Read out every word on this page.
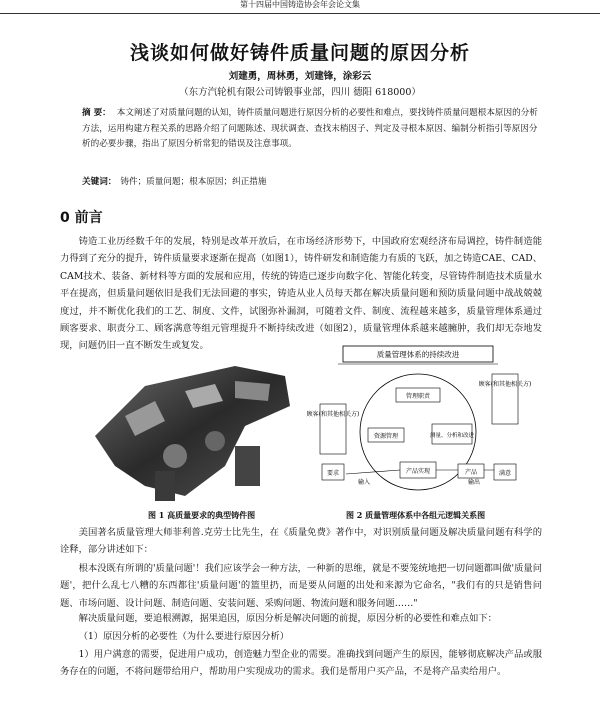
第十四届中国铸造协会年会论文集
浅谈如何做好铸件质量问题的原因分析
刘建勇，周林勇，刘建锋，涂彩云
（东方汽轮机有限公司铸锻事业部，四川 德阳 618000）
摘 要： 本文阐述了对质量问题的认知，铸件质量问题进行原因分析的必要性和难点，要找铸件质量问题根本原因的分析方法，运用构建方程关系的思路介绍了问题陈述、现状调查、查找末梢因子、判定及寻根本原因、编制分析指引等原因分析的必要步骤，指出了原因分析常犯的错误及注意事项。
关键词： 铸件；质量问题；根本原因；纠正措施
0 前言
铸造工业历经数千年的发展，特别是改革开放后，在市场经济形势下，中国政府宏观经济布局调控，铸件制造能力得到了充分的提升，铸件质量要求逐渐在提高（如图1），铸件研发和制造能力有质的飞跃，加之铸造CAE、CAD、CAM技术、装备、新材料等方面的发展和应用，传统的铸造已逐步向数字化、智能化转变，尽管铸件制造技术质量水平在提高，但质量问题依旧是我们无法回避的事实，铸造从业人员每天都在解决质量问题和预防质量问题中战战兢兢度过，并不断优化我们的工艺、制度、文件，试图弥补漏洞，可随着文件、制度、流程越来越多，质量管理体系通过顾客要求、职责分工、顾客满意等组元管理提升不断持续改进（如图2），质量管理体系越来越臃肿，我们却无奈地发现，问题仍旧一直不断发生或复发。
质量管理体系的持续改进
顾客(和其他相关方)
要求
顾客(和其他相关方)
满意
管理职责
资源管理	测量、分析和改进
产品实现
输入	输出
产品
图 1 高质量要求的典型铸件图	图 2 质量管理体系中各组元逻辑关系图
美国著名质量管理大师菲利普.克劳士比先生，在《质量免费》著作中，对识别质量问题及解决质量问题有科学的诠释，部分讲述如下：
根本没既有所谓的'质量问题'！我们应该学会一种方法，一种新的思维，就是不要笼统地把一切问题都叫做'质量问题'，把什么乱七八糟的东西都往'质量问题'的篮里扔，而是要从问题的出处和来源为它命名，"我们有的只是销售问题、市场问题、设计问题、制造问题、安装问题、采购问题、物流问题和服务问题……"
解决质量问题，要追根溯源，据果追因，原因分析是解决问题的前提，原因分析的必要性和难点如下：
（1）原因分析的必要性（为什么要进行原因分析）
1）用户满意的需要，促进用户成功，创造魅力型企业的需要。准确找到问题产生的原因，能够彻底解决产品或服务存在的问题，不将问题带给用户，帮助用户实现成功的需求。我们是帮用户买产品，不是将产品卖给用户。
